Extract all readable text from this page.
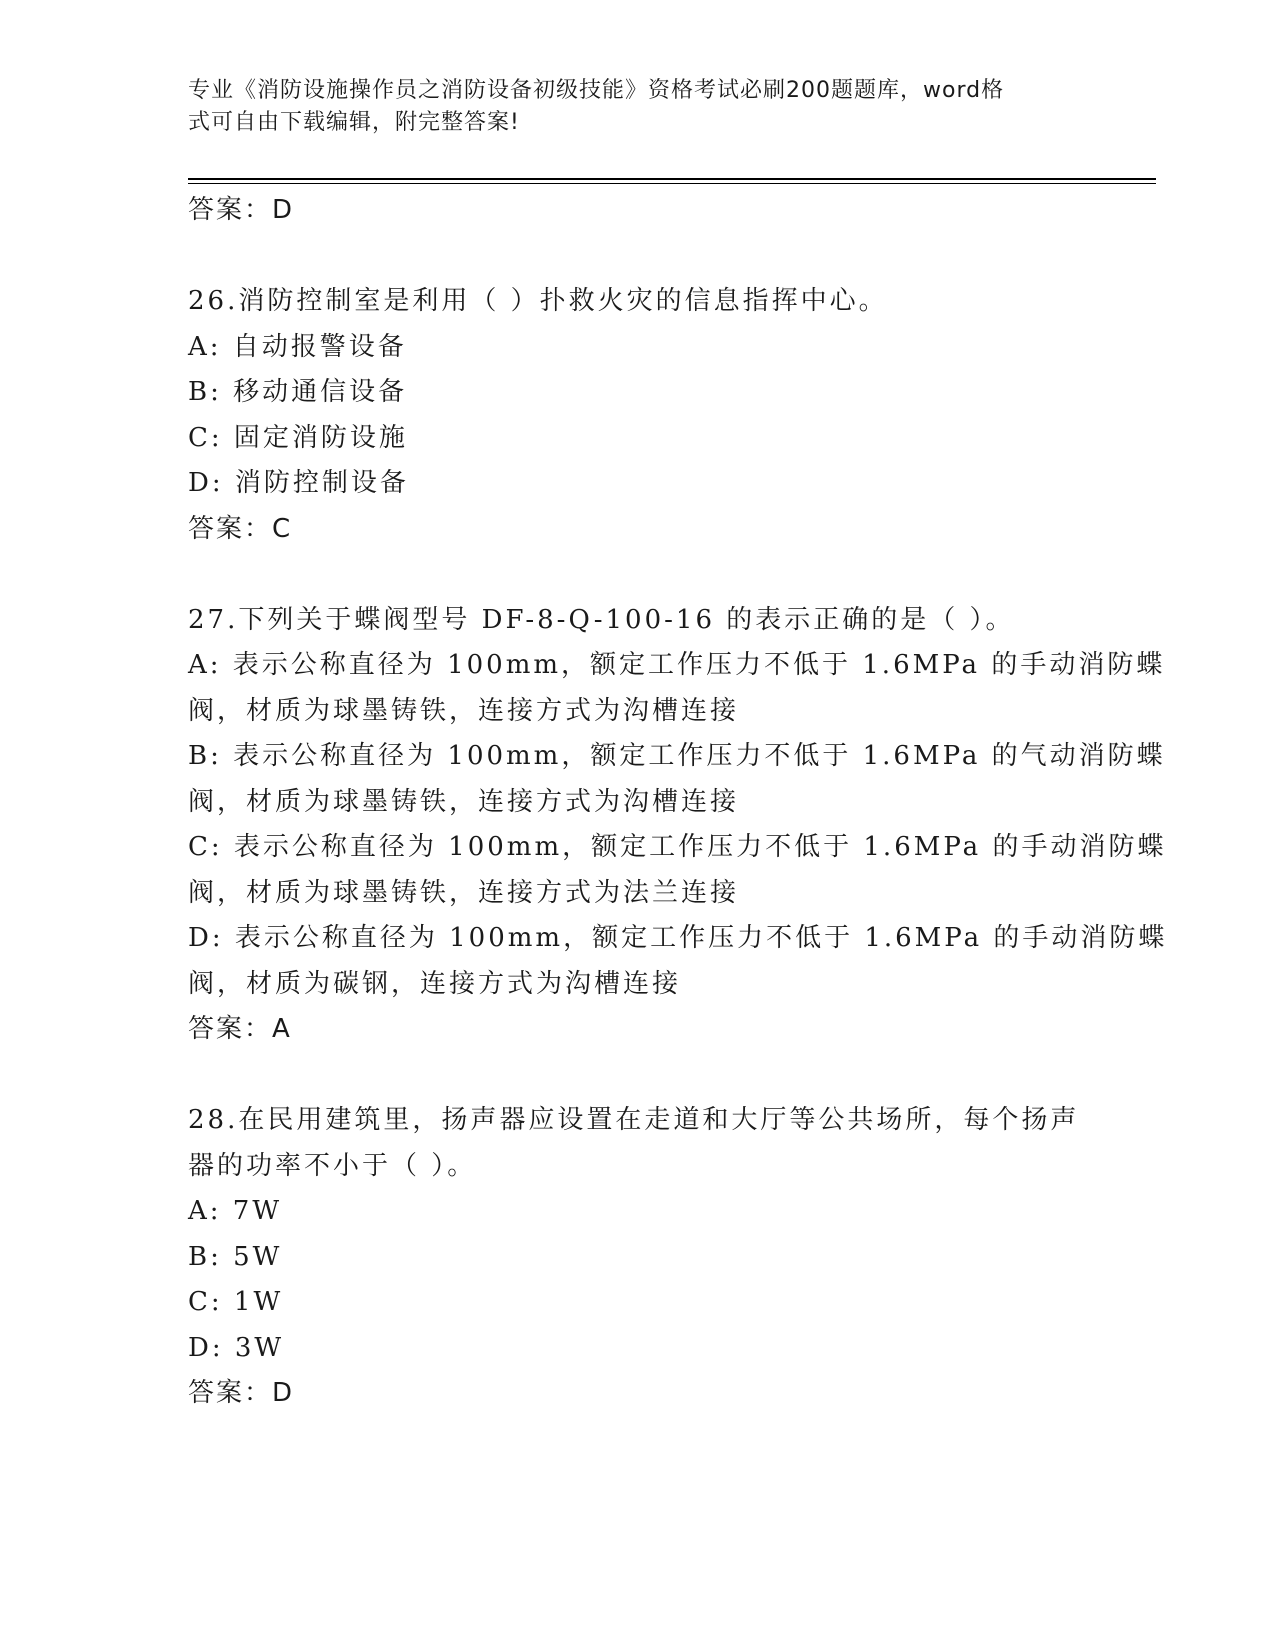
专业《消防设施操作员之消防设备初级技能》资格考试必刷200题题库，word格
式可自由下载编辑，附完整答案!
答案：D
26.消防控制室是利用（ ）扑救火灾的信息指挥中心。
A: 自动报警设备
B: 移动通信设备
C: 固定消防设施
D: 消防控制设备
答案：C
27.下列关于蝶阀型号 DF-8-Q-100-16 的表示正确的是（ ）。
A: 表示公称直径为 100mm，额定工作压力不低于 1.6MPa 的手动消防蝶
阀，材质为球墨铸铁，连接方式为沟槽连接
B: 表示公称直径为 100mm，额定工作压力不低于 1.6MPa 的气动消防蝶
阀，材质为球墨铸铁，连接方式为沟槽连接
C: 表示公称直径为 100mm，额定工作压力不低于 1.6MPa 的手动消防蝶
阀，材质为球墨铸铁，连接方式为法兰连接
D: 表示公称直径为 100mm，额定工作压力不低于 1.6MPa 的手动消防蝶
阀，材质为碳钢，连接方式为沟槽连接
答案：A
28.在民用建筑里，扬声器应设置在走道和大厅等公共场所，每个扬声
器的功率不小于（ ）。
A: 7W
B: 5W
C: 1W
D: 3W
答案：D
